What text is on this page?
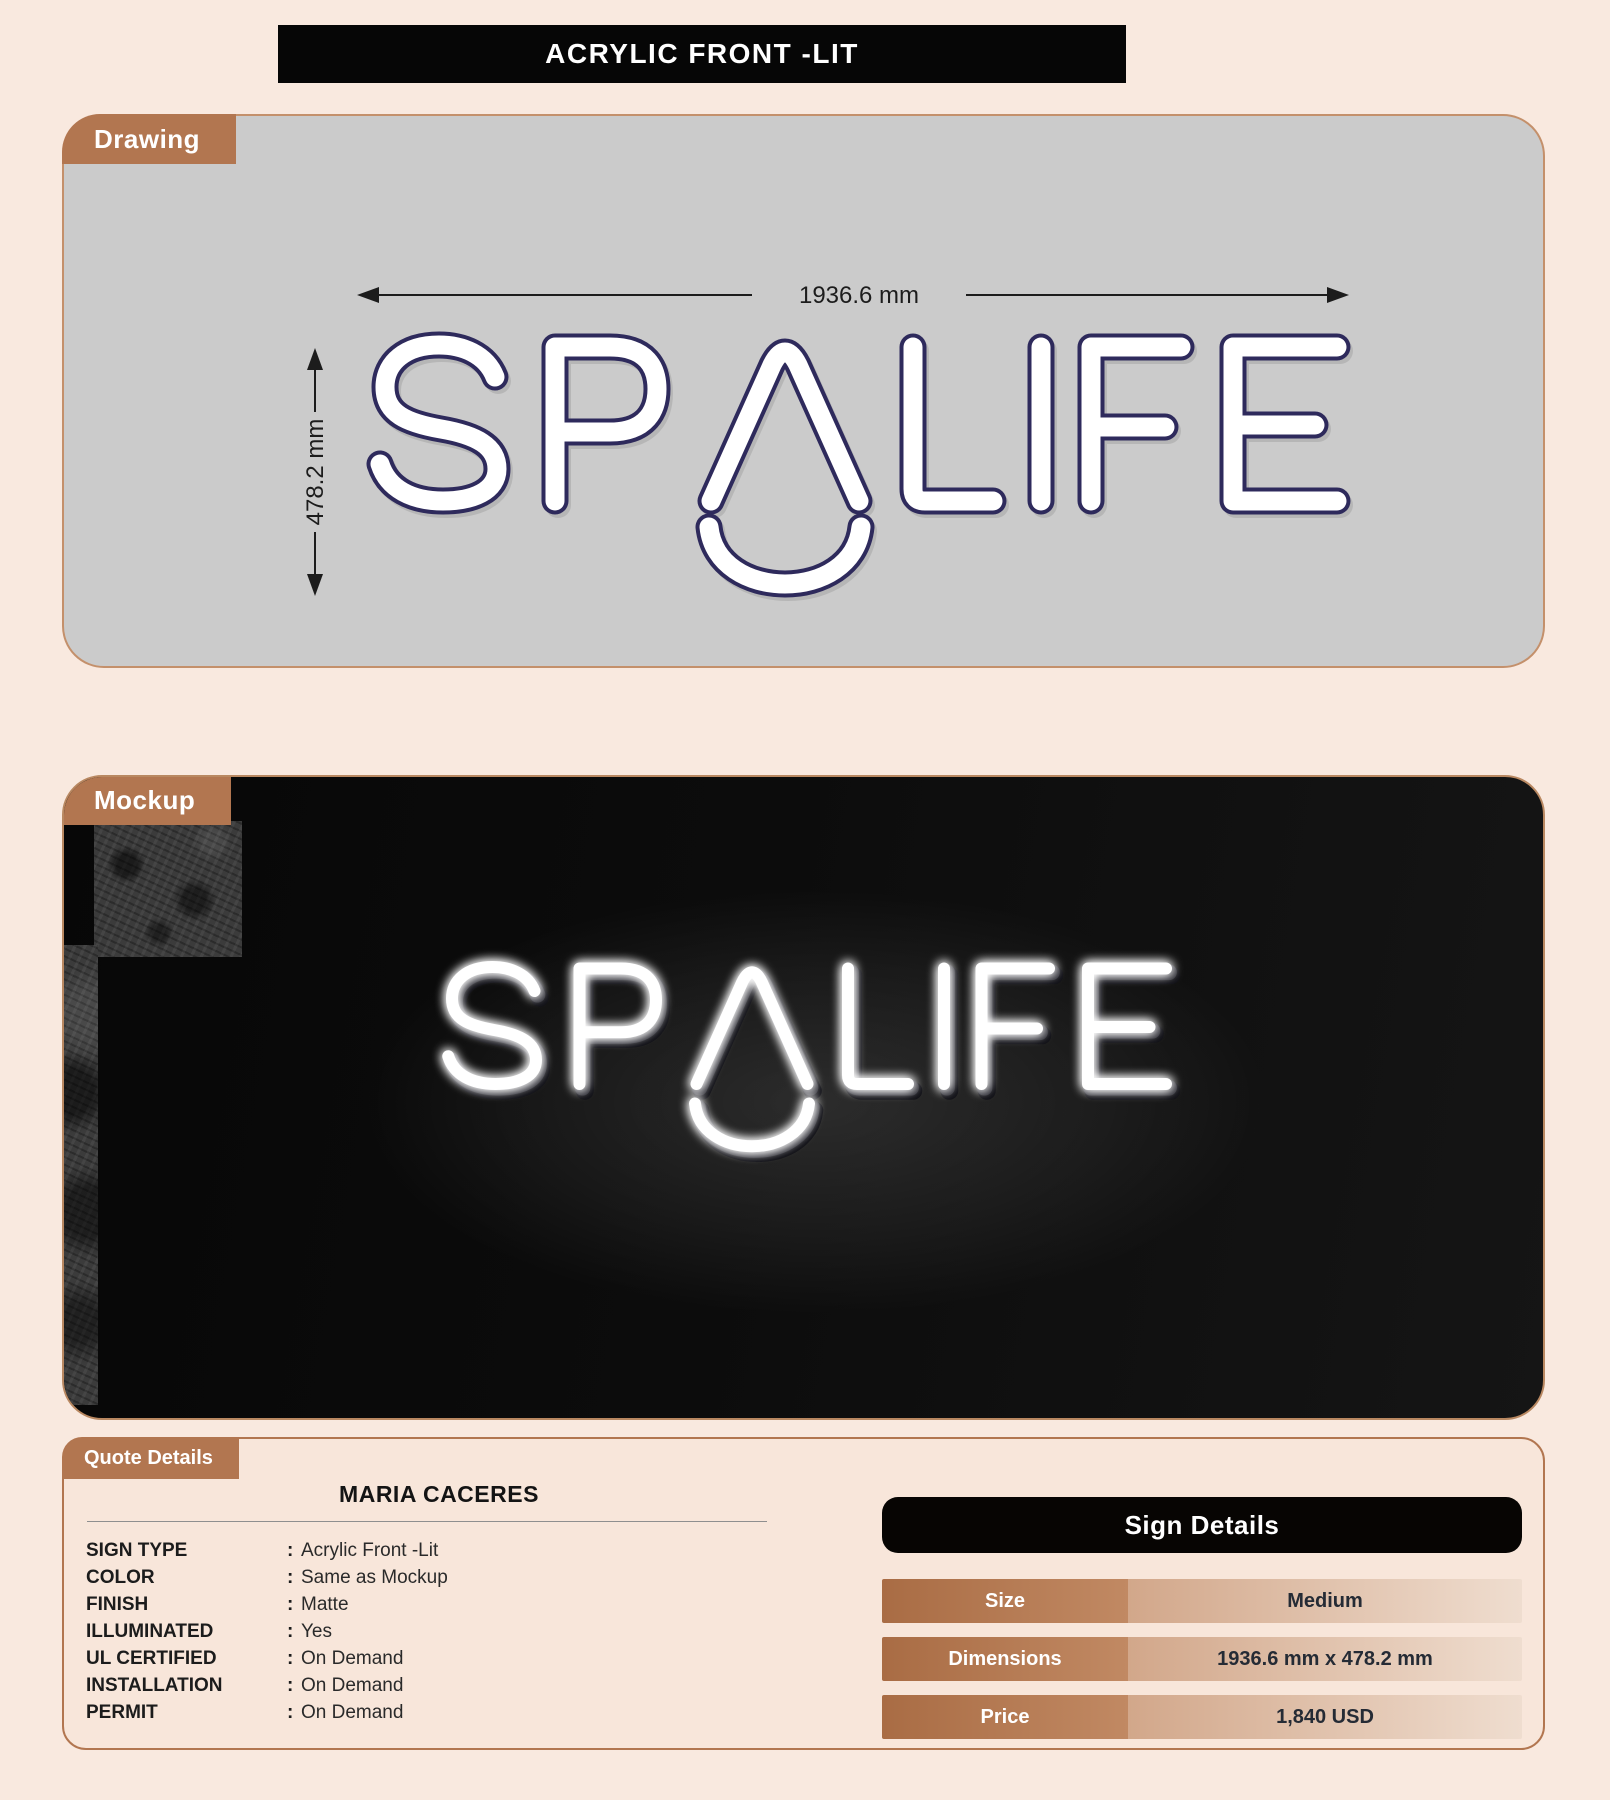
ACRYLIC FRONT -LIT
Drawing
1936.6 mm
478.2 mm
Mockup
Quote Details
MARIA CACERES
SIGN TYPE	: Acrylic Front -Lit
COLOR	: Same as Mockup
FINISH	: Matte
ILLUMINATED	: Yes
UL CERTIFIED	: On Demand
INSTALLATION	: On Demand
PERMIT	: On Demand
Sign Details
Size	Medium
Dimensions	1936.6 mm x 478.2 mm
Price	1,840 USD
